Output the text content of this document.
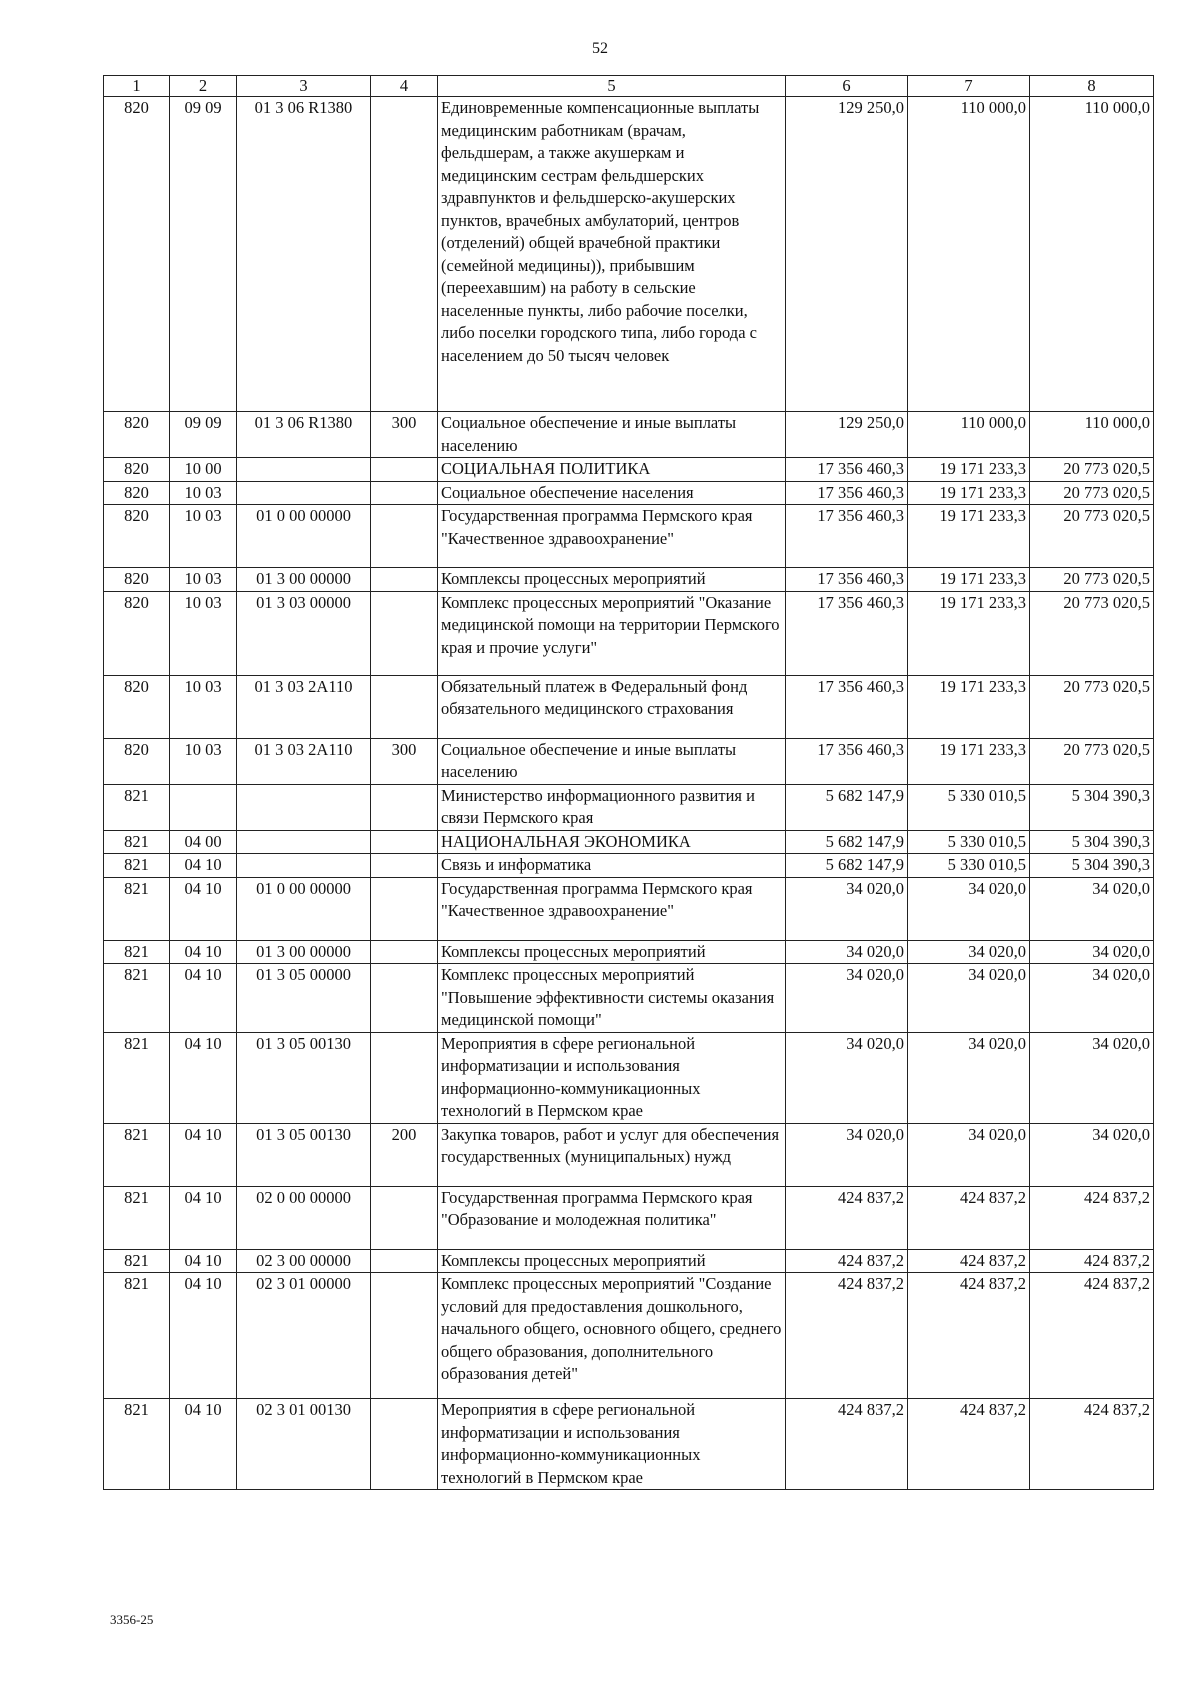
52
1	2	3	4	5	6	7	8
820	09 09	01 3 06 R1380		Единовременные компенсационные выплаты медицинским работникам (врачам, фельдшерам, а также акушеркам и медицинским сестрам фельдшерских здравпунктов и фельдшерско-акушерских пунктов, врачебных амбулаторий, центров (отделений) общей врачебной практики (семейной медицины)), прибывшим (переехавшим) на работу в сельские населенные пункты, либо рабочие поселки, либо поселки городского типа, либо города с населением до 50 тысяч человек	129 250,0	110 000,0	110 000,0
820	09 09	01 3 06 R1380	300	Социальное обеспечение и иные выплаты населению	129 250,0	110 000,0	110 000,0
820	10 00			СОЦИАЛЬНАЯ ПОЛИТИКА	17 356 460,3	19 171 233,3	20 773 020,5
820	10 03			Социальное обеспечение населения	17 356 460,3	19 171 233,3	20 773 020,5
820	10 03	01 0 00 00000		Государственная программа Пермского края "Качественное здравоохранение"	17 356 460,3	19 171 233,3	20 773 020,5
820	10 03	01 3 00 00000		Комплексы процессных мероприятий	17 356 460,3	19 171 233,3	20 773 020,5
820	10 03	01 3 03 00000		Комплекс процессных мероприятий "Оказание медицинской помощи на территории Пермского края и прочие услуги"	17 356 460,3	19 171 233,3	20 773 020,5
820	10 03	01 3 03 2А110		Обязательный платеж в Федеральный фонд обязательного медицинского страхования	17 356 460,3	19 171 233,3	20 773 020,5
820	10 03	01 3 03 2А110	300	Социальное обеспечение и иные выплаты населению	17 356 460,3	19 171 233,3	20 773 020,5
821				Министерство информационного развития и связи Пермского края	5 682 147,9	5 330 010,5	5 304 390,3
821	04 00			НАЦИОНАЛЬНАЯ ЭКОНОМИКА	5 682 147,9	5 330 010,5	5 304 390,3
821	04 10			Связь и информатика	5 682 147,9	5 330 010,5	5 304 390,3
821	04 10	01 0 00 00000		Государственная программа Пермского края "Качественное здравоохранение"	34 020,0	34 020,0	34 020,0
821	04 10	01 3 00 00000		Комплексы процессных мероприятий	34 020,0	34 020,0	34 020,0
821	04 10	01 3 05 00000		Комплекс процессных мероприятий "Повышение эффективности системы оказания медицинской помощи"	34 020,0	34 020,0	34 020,0
821	04 10	01 3 05 00130		Мероприятия в сфере региональной информатизации и использования информационно-коммуникационных технологий в Пермском крае	34 020,0	34 020,0	34 020,0
821	04 10	01 3 05 00130	200	Закупка товаров, работ и услуг для обеспечения государственных (муниципальных) нужд	34 020,0	34 020,0	34 020,0
821	04 10	02 0 00 00000		Государственная программа Пермского края "Образование и молодежная политика"	424 837,2	424 837,2	424 837,2
821	04 10	02 3 00 00000		Комплексы процессных мероприятий	424 837,2	424 837,2	424 837,2
821	04 10	02 3 01 00000		Комплекс процессных мероприятий "Создание условий для предоставления дошкольного, начального общего, основного общего, среднего общего образования, дополнительного образования детей"	424 837,2	424 837,2	424 837,2
821	04 10	02 3 01 00130		Мероприятия в сфере региональной информатизации и использования информационно-коммуникационных технологий в Пермском крае	424 837,2	424 837,2	424 837,2
3356-25
